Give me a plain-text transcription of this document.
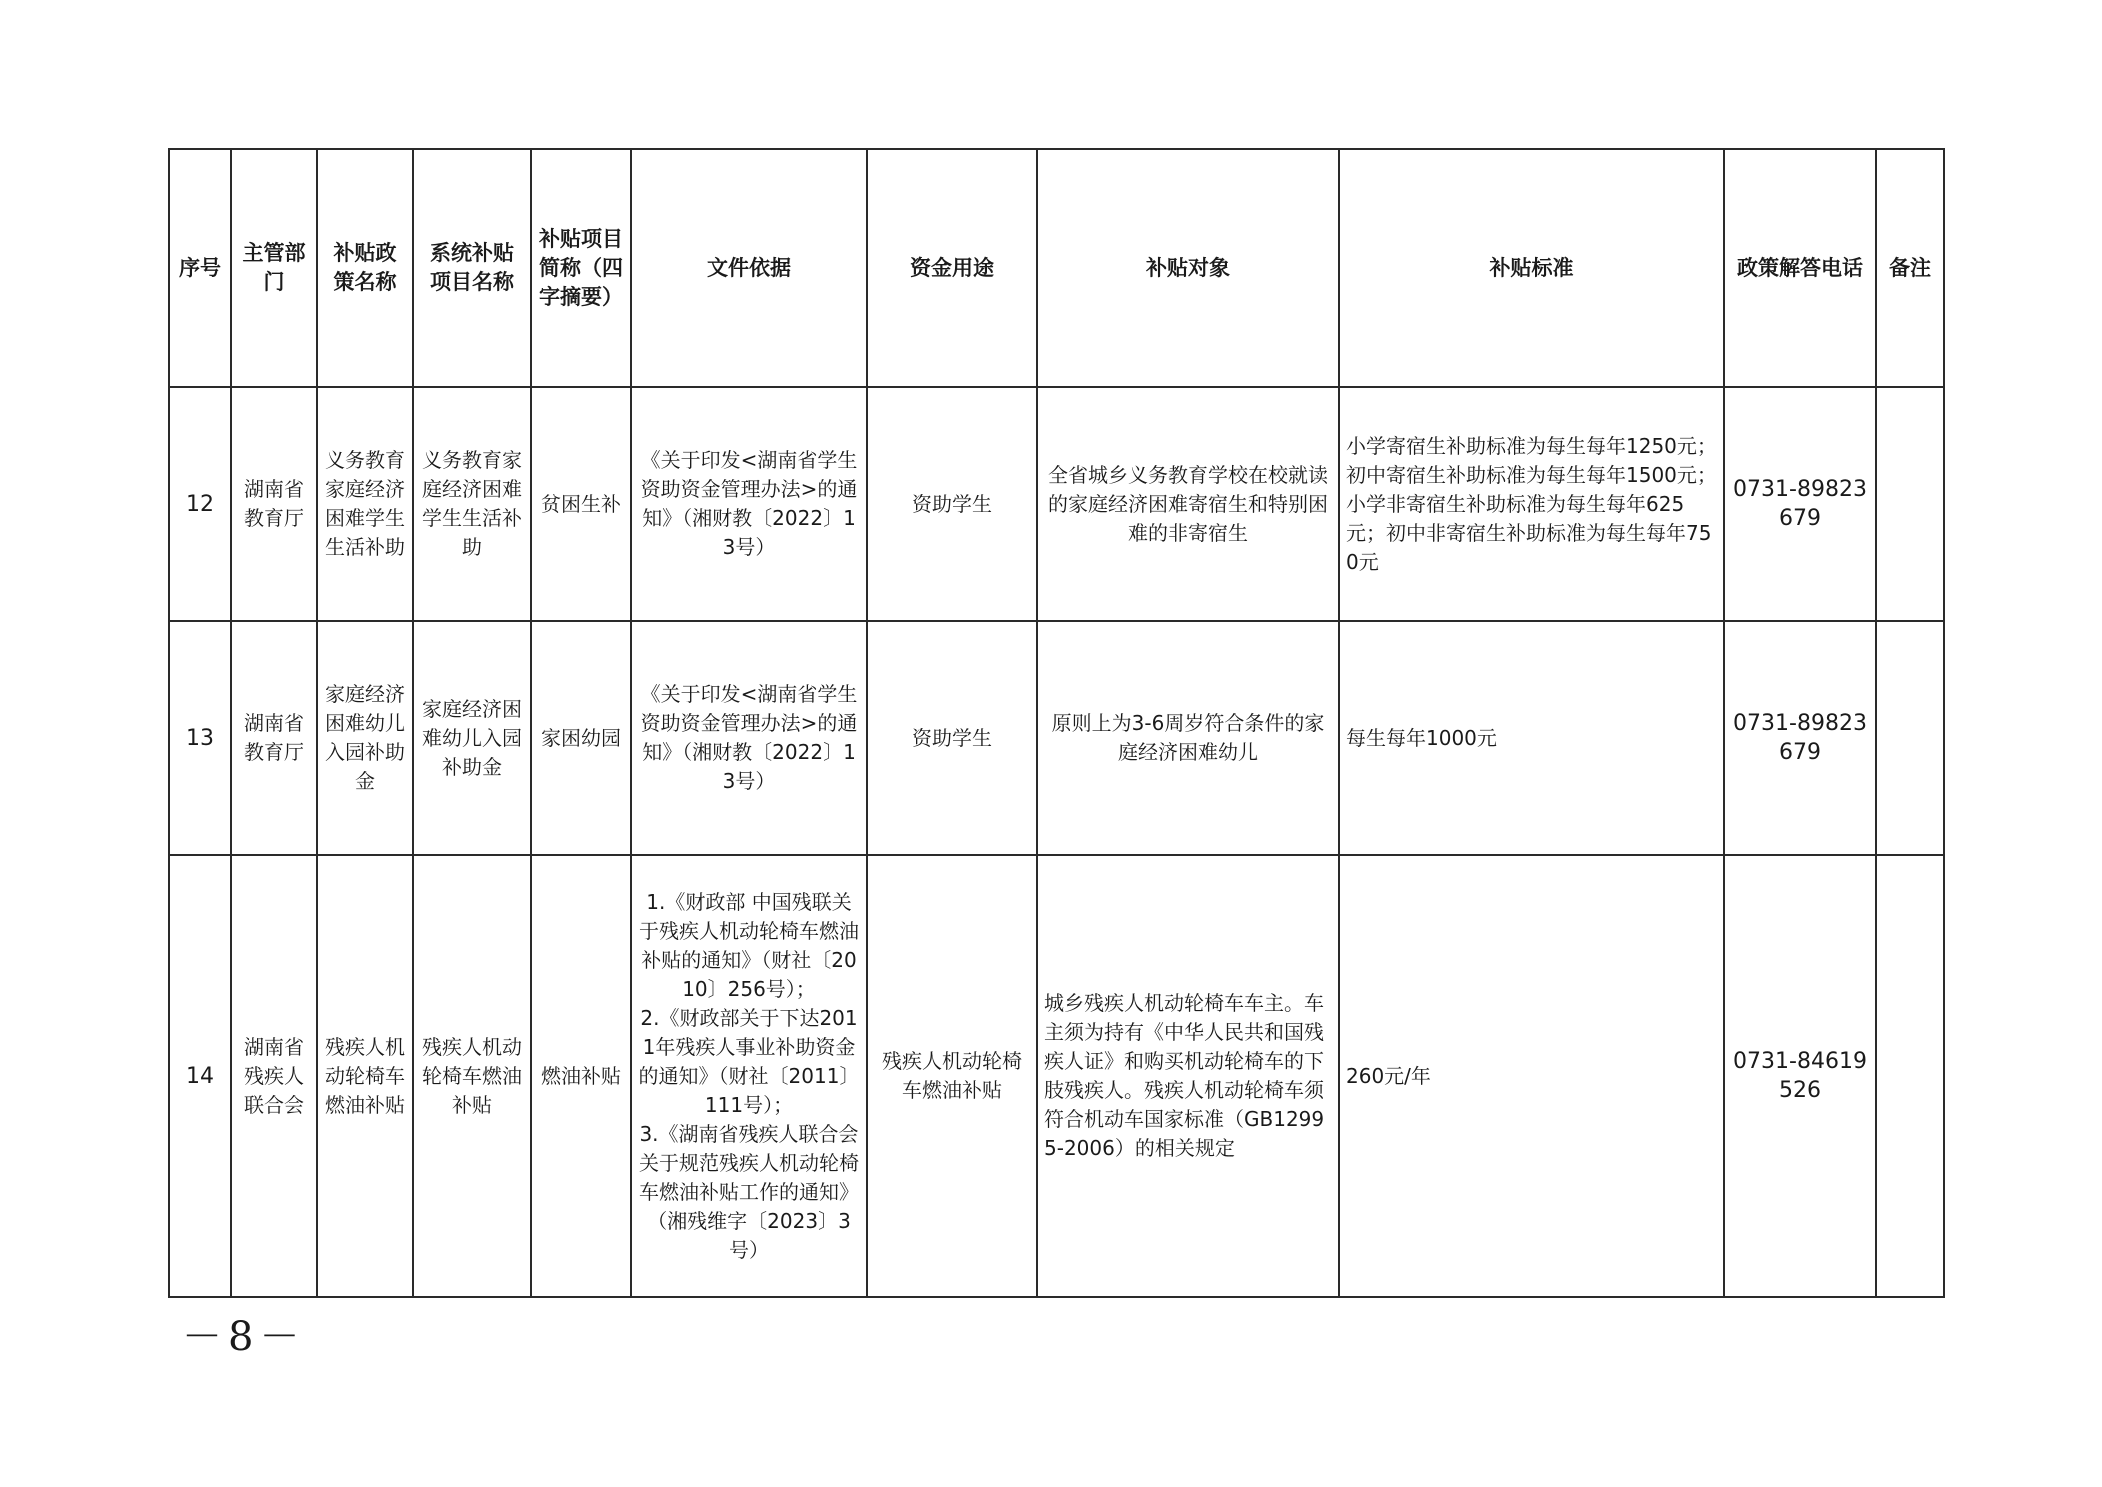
序号	主管部门	补贴政策名称	系统补贴项目名称	补贴项目简称（四字摘要）	文件依据	资金用途	补贴对象	补贴标准	政策解答电话	备注
12	湖南省教育厅	义务教育家庭经济困难学生生活补助	义务教育家庭经济困难学生生活补助	贫困生补	《关于印发<湖南省学生资助资金管理办法>的通知》（湘财教〔2022〕13号）	资助学生	全省城乡义务教育学校在校就读的家庭经济困难寄宿生和特别困难的非寄宿生	小学寄宿生补助标准为每生每年1250元；初中寄宿生补助标准为每生每年1500元；小学非寄宿生补助标准为每生每年625元；初中非寄宿生补助标准为每生每年750元	0731-89823679	
13	湖南省教育厅	家庭经济困难幼儿入园补助金	家庭经济困难幼儿入园补助金	家困幼园	《关于印发<湖南省学生资助资金管理办法>的通知》（湘财教〔2022〕13号）	资助学生	原则上为3-6周岁符合条件的家庭经济困难幼儿	每生每年1000元	0731-89823679	
14	湖南省残疾人联合会	残疾人机动轮椅车燃油补贴	残疾人机动轮椅车燃油补贴	燃油补贴	1.《财政部 中国残联关于残疾人机动轮椅车燃油补贴的通知》（财社〔2010〕256号）；
2.《财政部关于下达2011年残疾人事业补助资金的通知》（财社〔2011〕111号）；
3.《湖南省残疾人联合会关于规范残疾人机动轮椅车燃油补贴工作的通知》（湘残维字〔2023〕3号）	残疾人机动轮椅车燃油补贴	城乡残疾人机动轮椅车车主。车主须为持有《中华人民共和国残疾人证》和购买机动轮椅车的下肢残疾人。残疾人机动轮椅车须符合机动车国家标准（GB12995-2006）的相关规定	260元/年	0731-84619526	
－8－
